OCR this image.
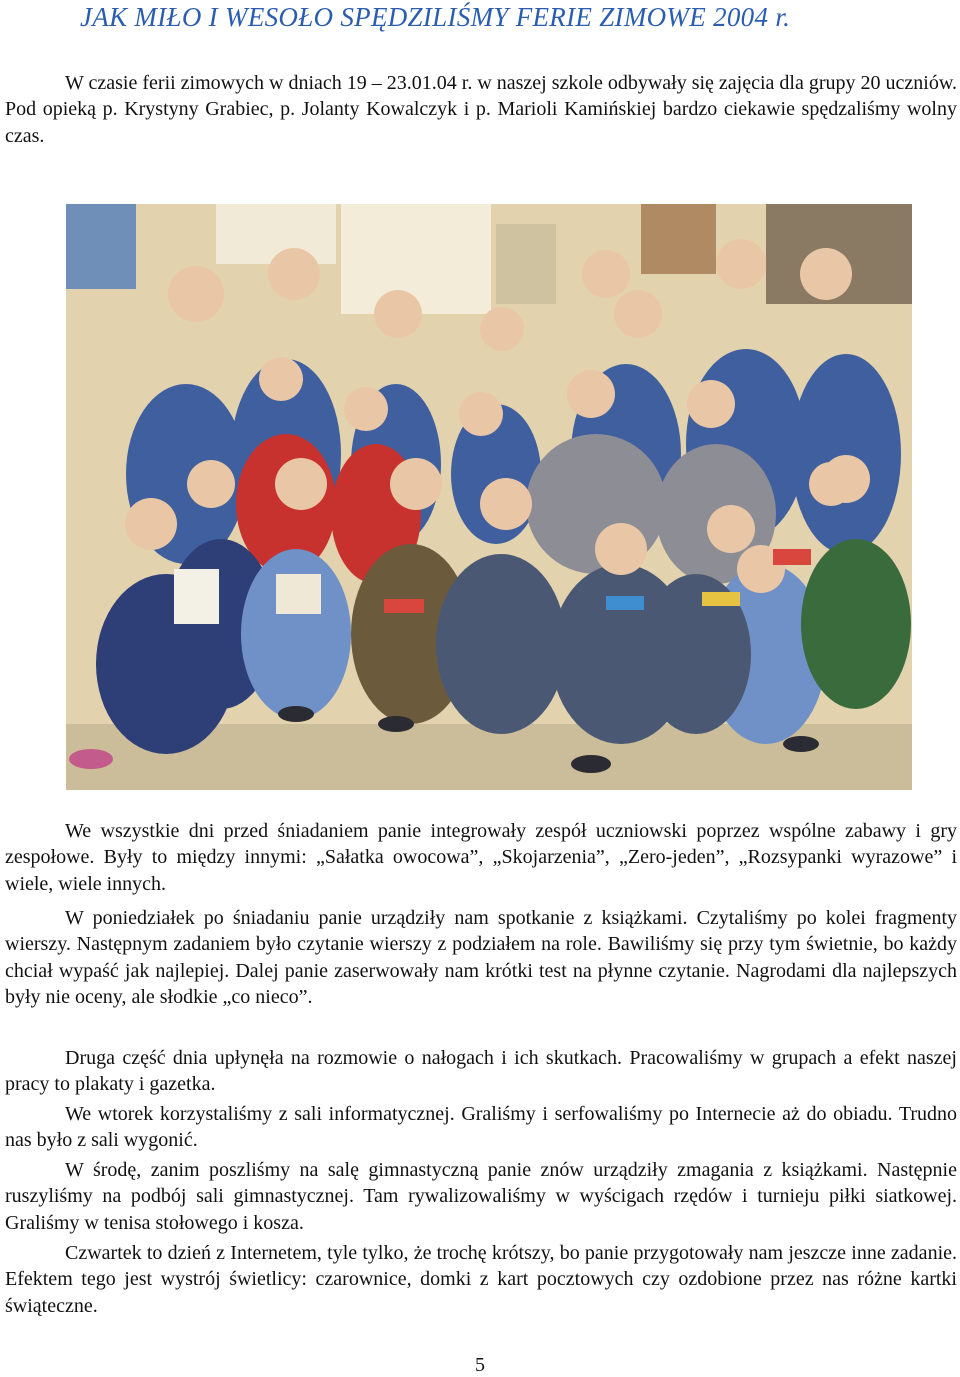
JAK MIŁO I WESOŁO SPĘDZILIŚMY FERIE ZIMOWE 2004 r.
W czasie ferii zimowych w dniach 19 – 23.01.04 r. w naszej szkole odbywały się zajęcia dla grupy 20 uczniów. Pod opieką p. Krystyny Grabiec, p. Jolanty Kowalczyk i p. Marioli Kamińskiej bardzo ciekawie spędzaliśmy wolny czas.
We wszystkie dni przed śniadaniem panie integrowały zespół uczniowski poprzez wspólne zabawy i gry zespołowe. Były to między innymi: „Sałatka owocowa”, „Skojarzenia”, „Zero-jeden”, „Rozsypanki wyrazowe” i wiele, wiele innych.
W poniedziałek po śniadaniu panie urządziły nam spotkanie z książkami. Czytaliśmy po kolei fragmenty wierszy. Następnym zadaniem było czytanie wierszy z podziałem na role. Bawiliśmy się przy tym świetnie, bo każdy chciał wypaść jak najlepiej. Dalej panie zaserwowały nam krótki test na płynne czytanie. Nagrodami dla najlepszych były nie oceny, ale słodkie „co nieco”.
Druga część dnia upłynęła na rozmowie o nałogach i ich skutkach. Pracowaliśmy w grupach a efekt naszej pracy to plakaty i gazetka.
We wtorek korzystaliśmy z sali informatycznej. Graliśmy i serfowaliśmy po Internecie aż do obiadu. Trudno nas było z sali wygonić.
W środę, zanim poszliśmy na salę gimnastyczną panie znów urządziły zmagania z książkami. Następnie ruszyliśmy na podbój sali gimnastycznej. Tam rywalizowaliśmy w wyścigach rzędów i turnieju piłki siatkowej. Graliśmy w tenisa stołowego i kosza.
Czwartek to dzień z Internetem, tyle tylko, że trochę krótszy, bo panie przygotowały nam jeszcze inne zadanie. Efektem tego jest wystrój świetlicy: czarownice, domki z kart pocztowych czy ozdobione przez nas różne kartki świąteczne.
5
